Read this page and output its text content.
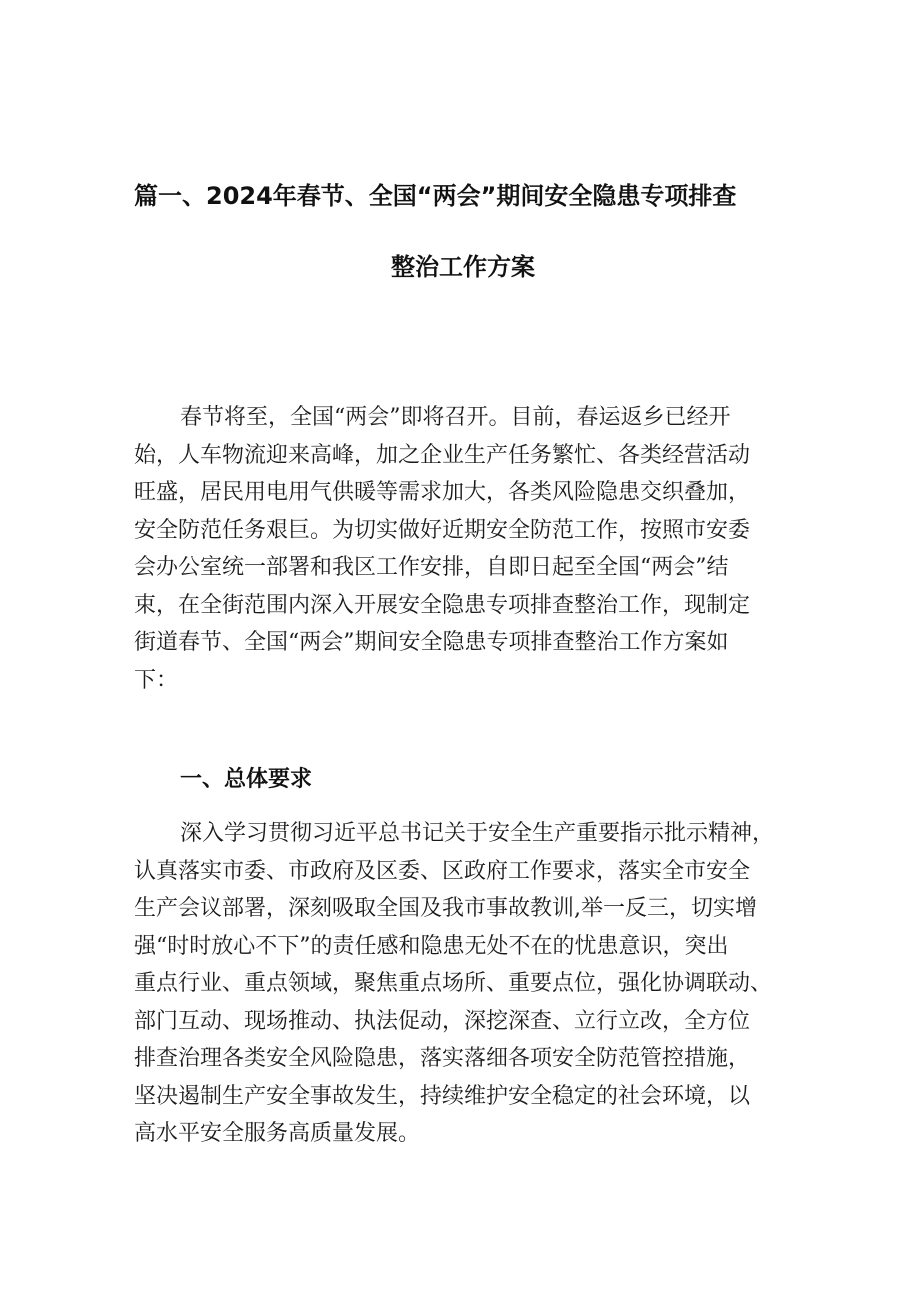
篇一、2024年春节、全国“两会”期间安全隐患专项排查
整治工作方案
春节将至，全国“两会”即将召开。目前，春运返乡已经开
始，人车物流迎来高峰，加之企业生产任务繁忙、各类经营活动
旺盛，居民用电用气供暖等需求加大，各类风险隐患交织叠加，
安全防范任务艰巨。为切实做好近期安全防范工作，按照市安委
会办公室统一部署和我区工作安排，自即日起至全国“两会”结
束，在全街范围内深入开展安全隐患专项排查整治工作，现制定
街道春节、全国“两会”期间安全隐患专项排查整治工作方案如
下：
一、总体要求
深入学习贯彻习近平总书记关于安全生产重要指示批示精神，
认真落实市委、市政府及区委、区政府工作要求，落实全市安全
生产会议部署，深刻吸取全国及我市事故教训,举一反三，切实增
强“时时放心不下”的责任感和隐患无处不在的忧患意识，突出
重点行业、重点领域，聚焦重点场所、重要点位，强化协调联动、
部门互动、现场推动、执法促动，深挖深查、立行立改，全方位
排查治理各类安全风险隐患，落实落细各项安全防范管控措施，
坚决遏制生产安全事故发生，持续维护安全稳定的社会环境，以
高水平安全服务高质量发展。
